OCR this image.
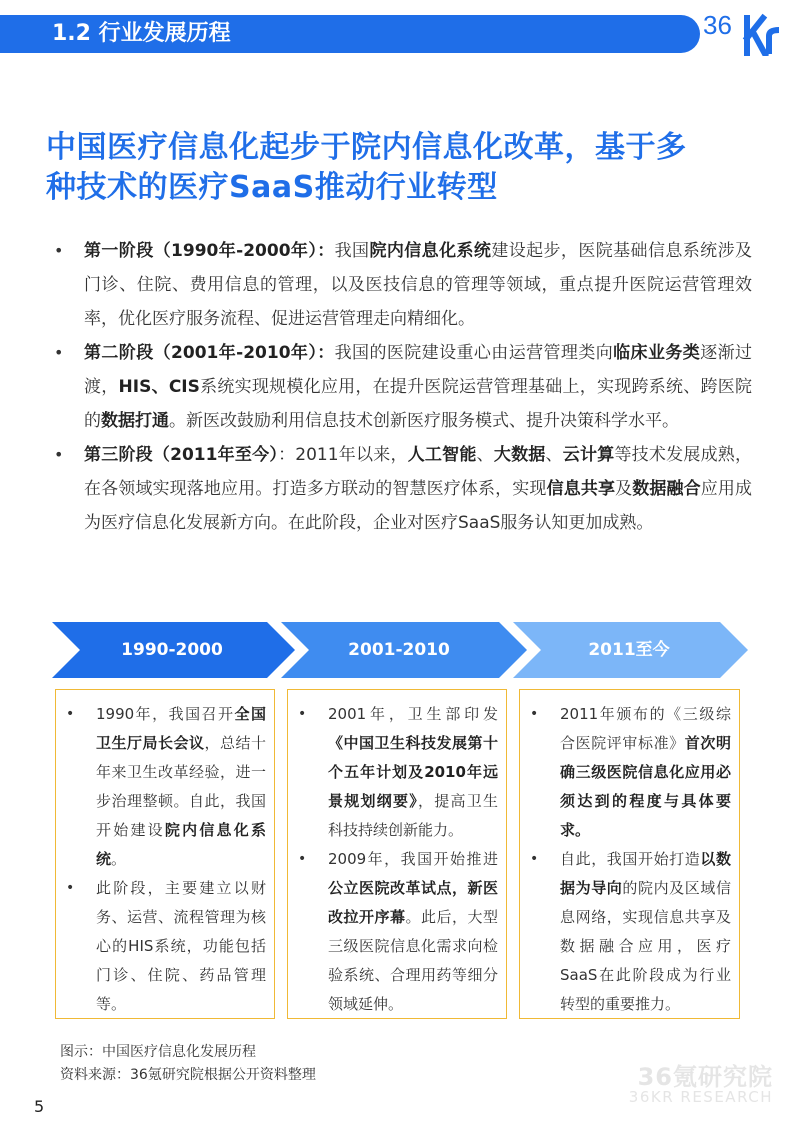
1.2 行业发展历程	36
中国医疗信息化起步于院内信息化改革，基于多
种技术的医疗SaaS推动行业转型
• 第一阶段（1990年-2000年）：我国院内信息化系统建设起步，医院基础信息系统涉及门诊、住院、费用信息的管理，以及医技信息的管理等领域，重点提升医院运营管理效率，优化医疗服务流程、促进运营管理走向精细化。
• 第二阶段（2001年-2010年）：我国的医院建设重心由运营管理类向临床业务类逐渐过渡，HIS、CIS系统实现规模化应用，在提升医院运营管理基础上，实现跨系统、跨医院的数据打通。新医改鼓励利用信息技术创新医疗服务模式、提升决策科学水平。
• 第三阶段（2011年至今）：2011年以来，人工智能、大数据、云计算等技术发展成熟，在各领域实现落地应用。打造多方联动的智慧医疗体系，实现信息共享及数据融合应用成为医疗信息化发展新方向。在此阶段，企业对医疗SaaS服务认知更加成熟。
1990-2000	2001-2010	2011至今
• 1990年，我国召开全国卫生厅局长会议，总结十年来卫生改革经验，进一步治理整顿。自此，我国开始建设院内信息化系统。
• 此阶段，主要建立以财务、运营、流程管理为核心的HIS系统，功能包括门诊、住院、药品管理等。
• 2001年，卫生部印发《中国卫生科技发展第十个五年计划及2010年远景规划纲要》，提高卫生科技持续创新能力。
• 2009年，我国开始推进公立医院改革试点，新医改拉开序幕。此后，大型三级医院信息化需求向检验系统、合理用药等细分领域延伸。
• 2011年颁布的《三级综合医院评审标准》首次明确三级医院信息化应用必须达到的程度与具体要求。
• 自此，我国开始打造以数据为导向的院内及区域信息网络，实现信息共享及数据融合应用，医疗SaaS在此阶段成为行业转型的重要推力。
图示：中国医疗信息化发展历程
资料来源：36氪研究院根据公开资料整理	36氪研究院
36KR RESEARCH
5
